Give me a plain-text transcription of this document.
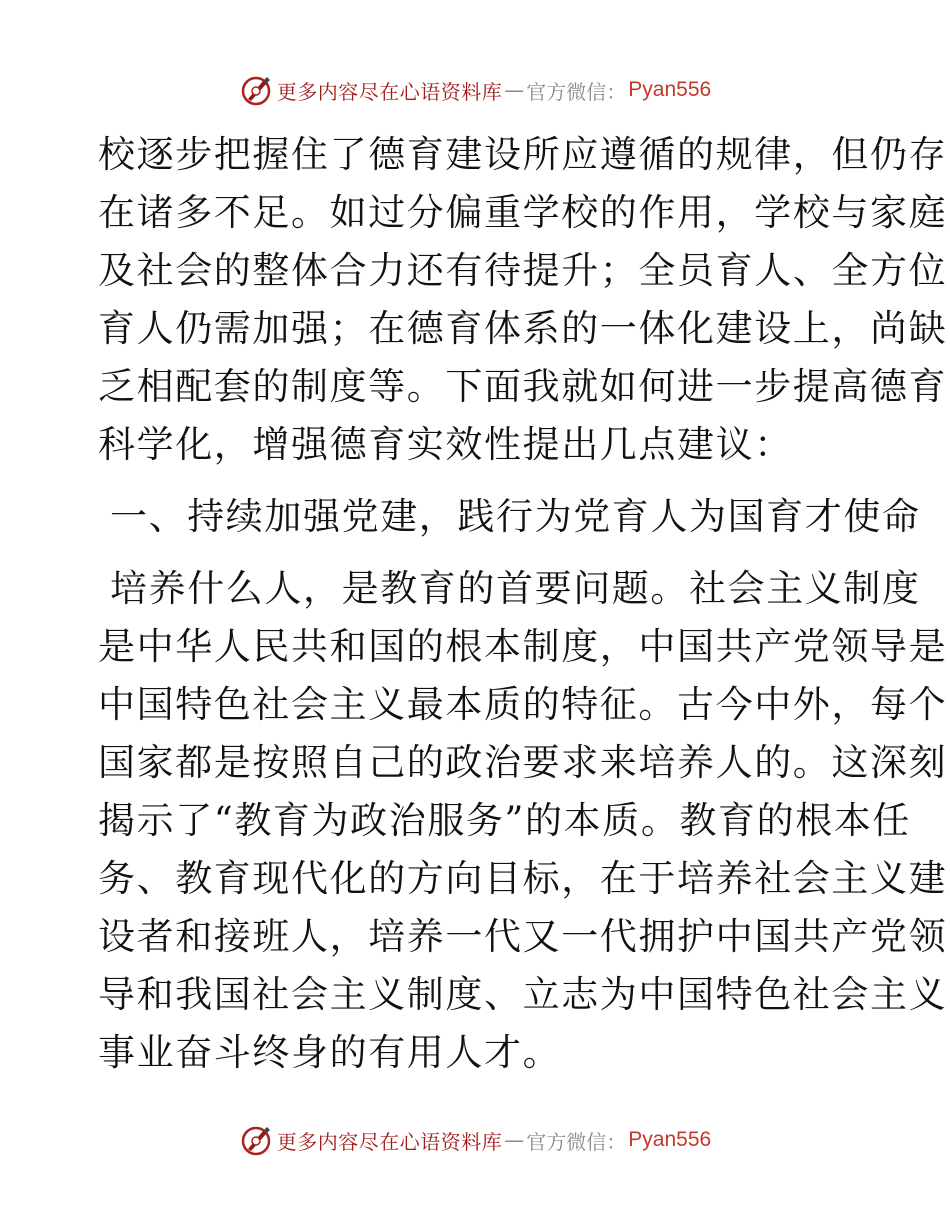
更多内容尽在心语资料库 — 官方微信： Pyan556
校逐步把握住了德育建设所应遵循的规律，但仍存
在诸多不足。如过分偏重学校的作用，学校与家庭
及社会的整体合力还有待提升；全员育人、全方位
育人仍需加强；在德育体系的一体化建设上，尚缺
乏相配套的制度等。下面我就如何进一步提高德育
科学化，增强德育实效性提出几点建议：
一、持续加强党建，践行为党育人为国育才使命
培养什么人，是教育的首要问题。社会主义制度
是中华人民共和国的根本制度，中国共产党领导是
中国特色社会主义最本质的特征。古今中外，每个
国家都是按照自己的政治要求来培养人的。这深刻
揭示了“教育为政治服务”的本质。教育的根本任
务、教育现代化的方向目标，在于培养社会主义建
设者和接班人，培养一代又一代拥护中国共产党领
导和我国社会主义制度、立志为中国特色社会主义
事业奋斗终身的有用人才。
更多内容尽在心语资料库 — 官方微信： Pyan556
